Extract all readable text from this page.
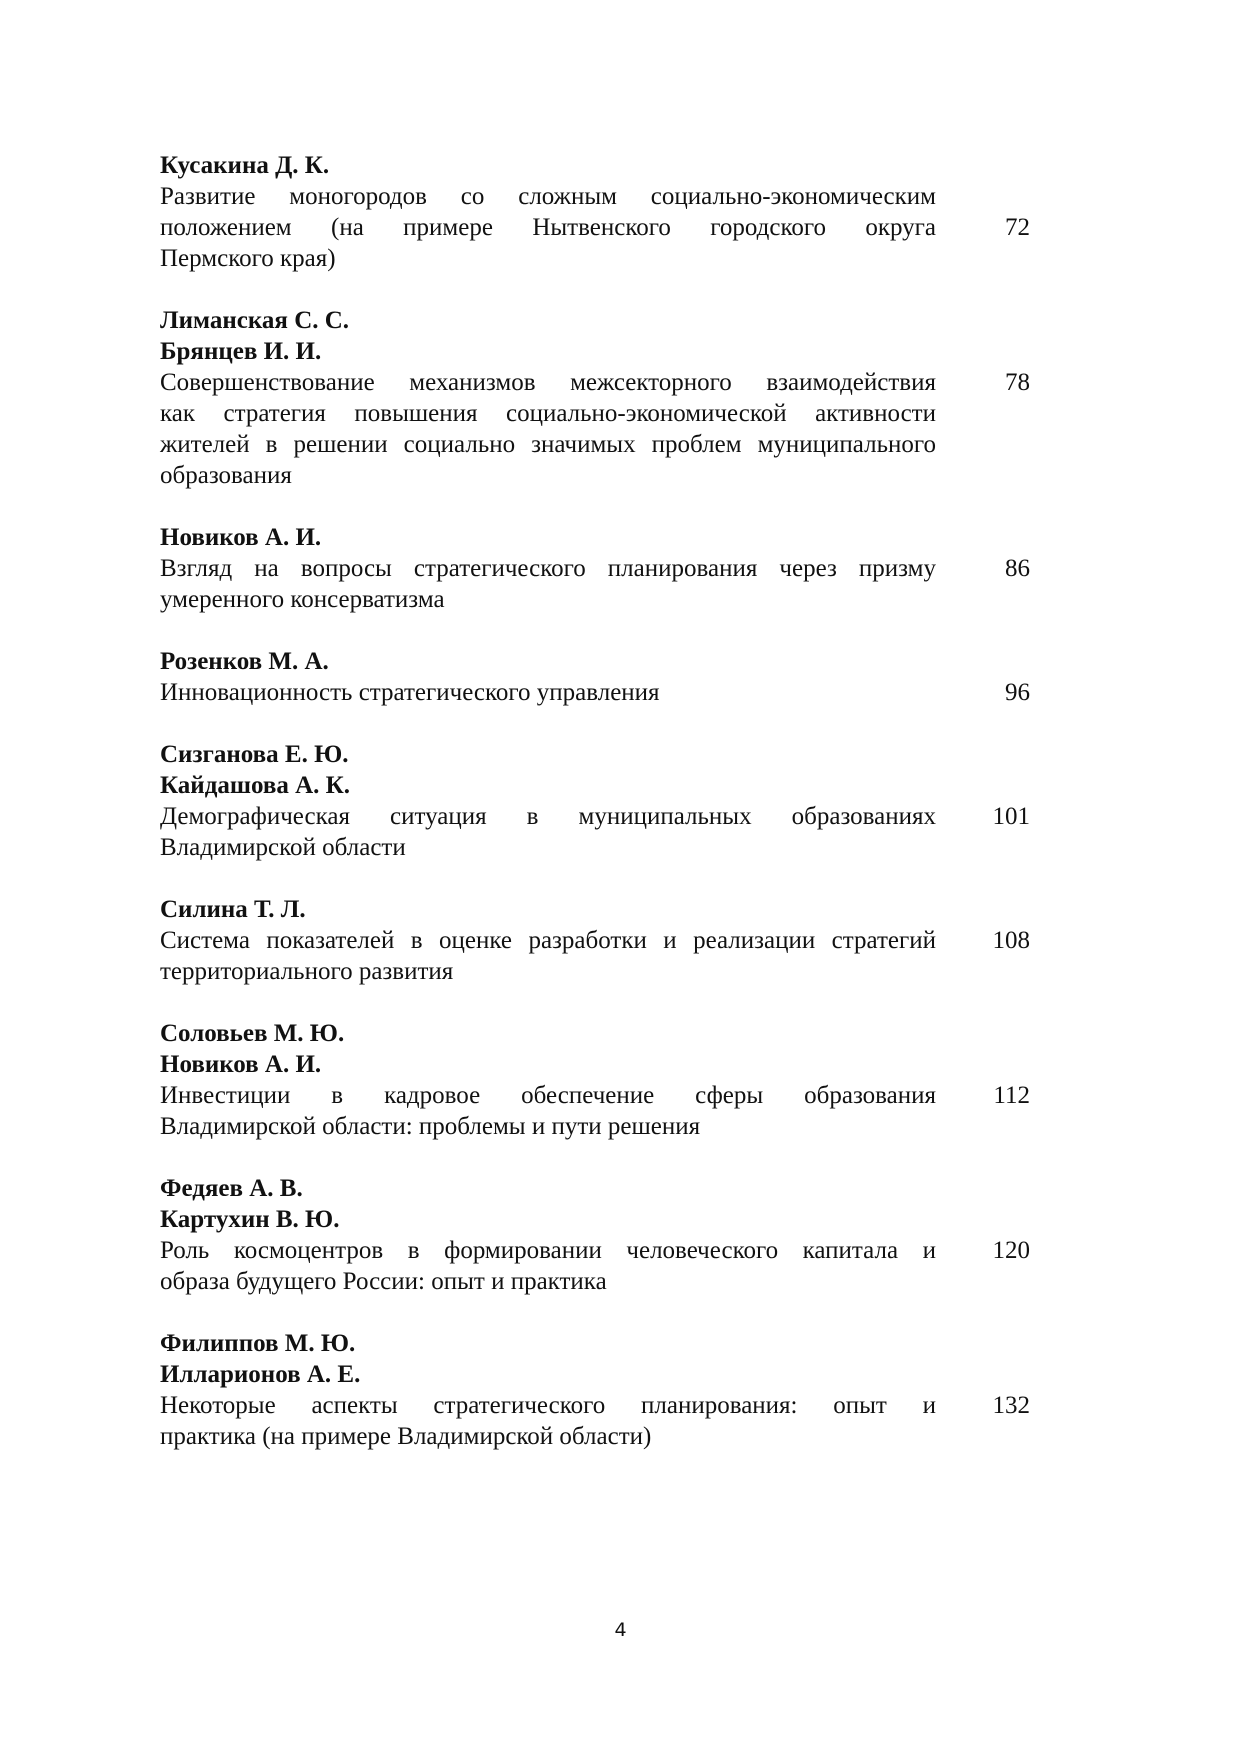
Кусакина Д. К.
Развитие моногородов со сложным социально-экономическим
положением (на примере Нытвенского городского округа
Пермского края)
72
Лиманская С. С.
Брянцев И. И.
Совершенствование механизмов межсекторного взаимодействия
как стратегия повышения социально-экономической активности
жителей в решении социально значимых проблем муниципального
образования
78
Новиков А. И.
Взгляд на вопросы стратегического планирования через призму
умеренного консерватизма
86
Розенков М. А.
Инновационность стратегического управления	96
Сизганова Е. Ю.
Кайдашова А. К.
Демографическая ситуация в муниципальных образованиях
Владимирской области
101
Силина Т. Л.
Система показателей в оценке разработки и реализации стратегий
территориального развития
108
Соловьев М. Ю.
Новиков А. И.
Инвестиции в кадровое обеспечение сферы образования
Владимирской области: проблемы и пути решения
112
Федяев А. В.
Картухин В. Ю.
Роль космоцентров в формировании человеческого капитала и
образа будущего России: опыт и практика
120
Филиппов М. Ю.
Илларионов А. Е.
Некоторые аспекты стратегического планирования: опыт и
практика (на примере Владимирской области)
132
4
